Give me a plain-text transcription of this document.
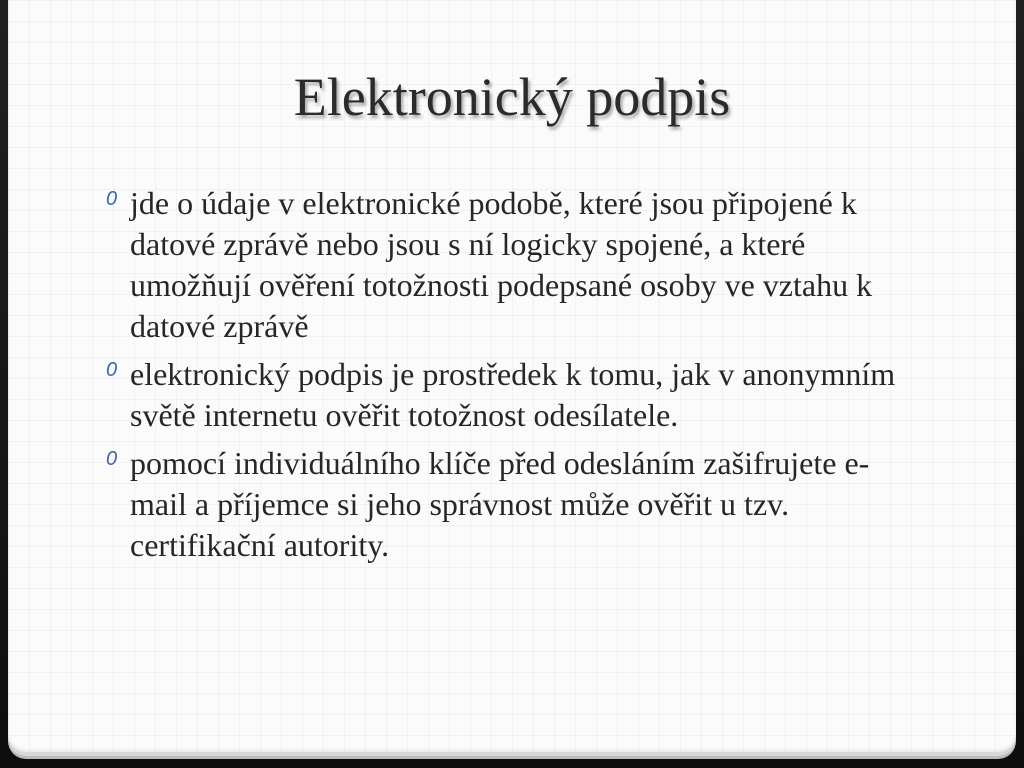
Elektronický podpis
0 jde o údaje v elektronické podobě, které jsou připojené k datové zprávě nebo jsou s ní logicky spojené, a které umožňují ověření totožnosti podepsané osoby ve vztahu k datové zprávě
0 elektronický podpis je prostředek k tomu, jak v anonymním světě internetu ověřit totožnost odesílatele.
0 pomocí individuálního klíče před odesláním zašifrujete e-mail a příjemce si jeho správnost může ověřit u tzv. certifikační autority.
